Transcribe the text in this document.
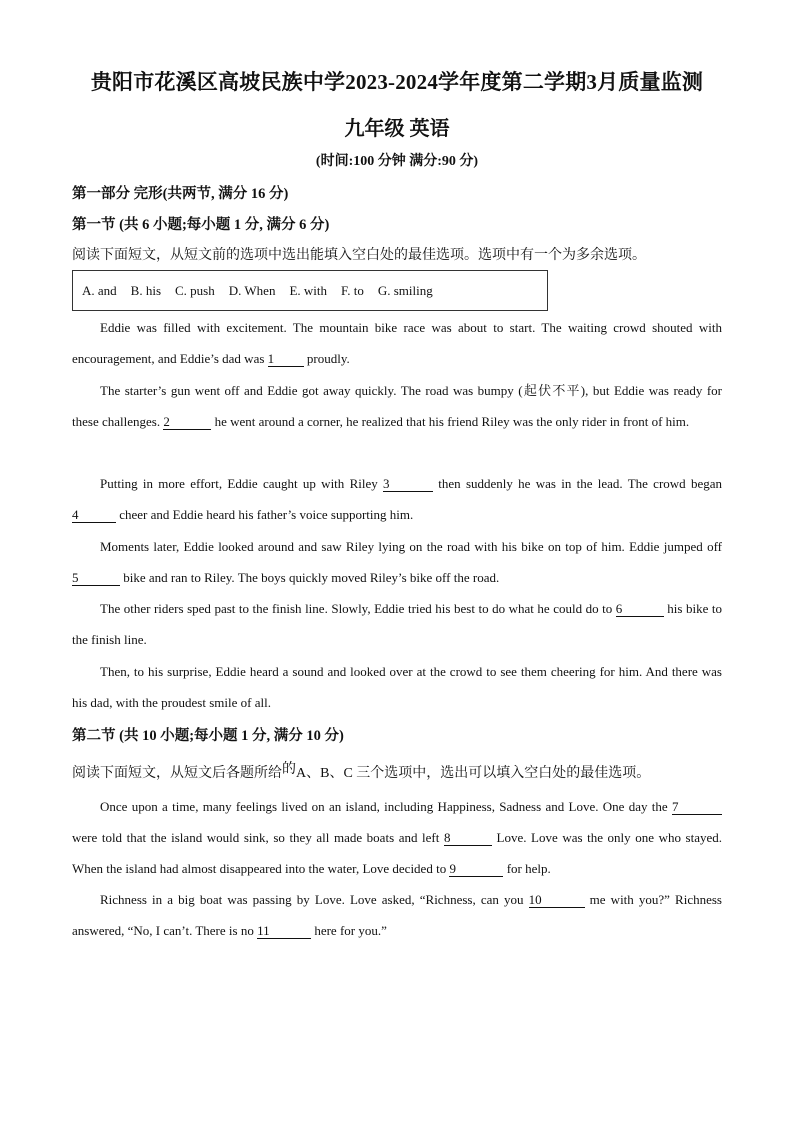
贵阳市花溪区高坡民族中学2023-2024学年度第二学期3月质量监测
九年级 英语
(时间:100 分钟 满分:90 分)
第一部分 完形(共两节, 满分 16 分)
第一节 (共 6 小题;每小题 1 分, 满分 6 分)
阅读下面短文，从短文前的选项中选出能填入空白处的最佳选项。选项中有一个为多余选项。
A. and B. his C. push D. When E. with F. to G. smiling
Eddie was filled with excitement. The mountain bike race was about to start. The waiting crowd shouted with encouragement, and Eddie’s dad was 1 proudly.
The starter’s gun went off and Eddie got away quickly. The road was bumpy (起伏不平), but Eddie was ready for these challenges. 2	he went around a corner, he realized that his friend Riley was the only rider in front of him.
Putting in more effort, Eddie caught up with Riley 3	then suddenly he was in the lead. The crowd began 4	cheer and Eddie heard his father’s voice supporting him.
Moments later, Eddie looked around and saw Riley lying on the road with his bike on top of him. Eddie jumped off 5	bike and ran to Riley. The boys quickly moved Riley’s bike off the road.
The other riders sped past to the finish line. Slowly, Eddie tried his best to do what he could do to 6	his bike to the finish line.
Then, to his surprise, Eddie heard a sound and looked over at the crowd to see them cheering for him. And there was his dad, with the proudest smile of all.
第二节 (共 10 小题;每小题 1 分, 满分 10 分)
阅读下面短文，从短文后各题所给的A、B、C 三个选项中，选出可以填入空白处的最佳选项。
Once upon a time, many feelings lived on an island, including Happiness, Sadness and Love. One day the 7 were told that the island would sink, so they all made boats and left 8	Love. Love was the only one who stayed. When the island had almost disappeared into the water, Love decided to 9	for help.
Richness in a big boat was passing by Love. Love asked, “Richness, can you 10	me with you?” Richness answered, “No, I can’t. There is no 11	here for you.”
